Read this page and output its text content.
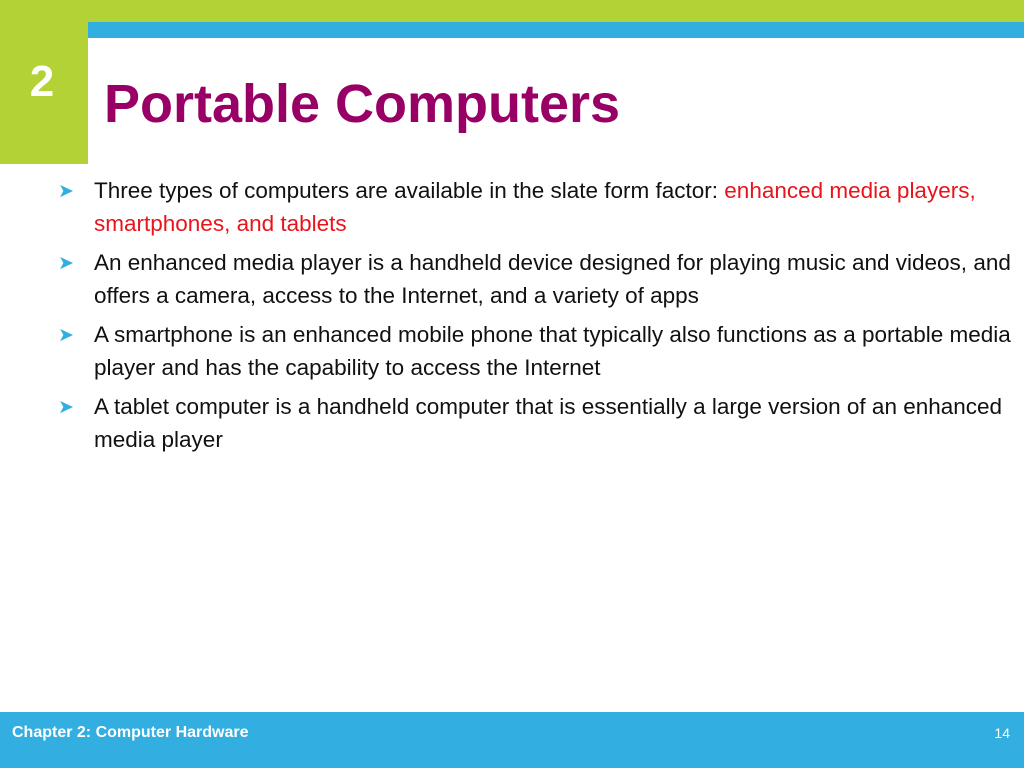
2 Portable Computers
➤ Three types of computers are available in the slate form factor: enhanced media players, smartphones, and tablets
➤ An enhanced media player is a handheld device designed for playing music and videos, and offers a camera, access to the Internet, and a variety of apps
➤ A smartphone is an enhanced mobile phone that typically also functions as a portable media player and has the capability to access the Internet
➤ A tablet computer is a handheld computer that is essentially a large version of an enhanced media player
Chapter 2: Computer Hardware	14
